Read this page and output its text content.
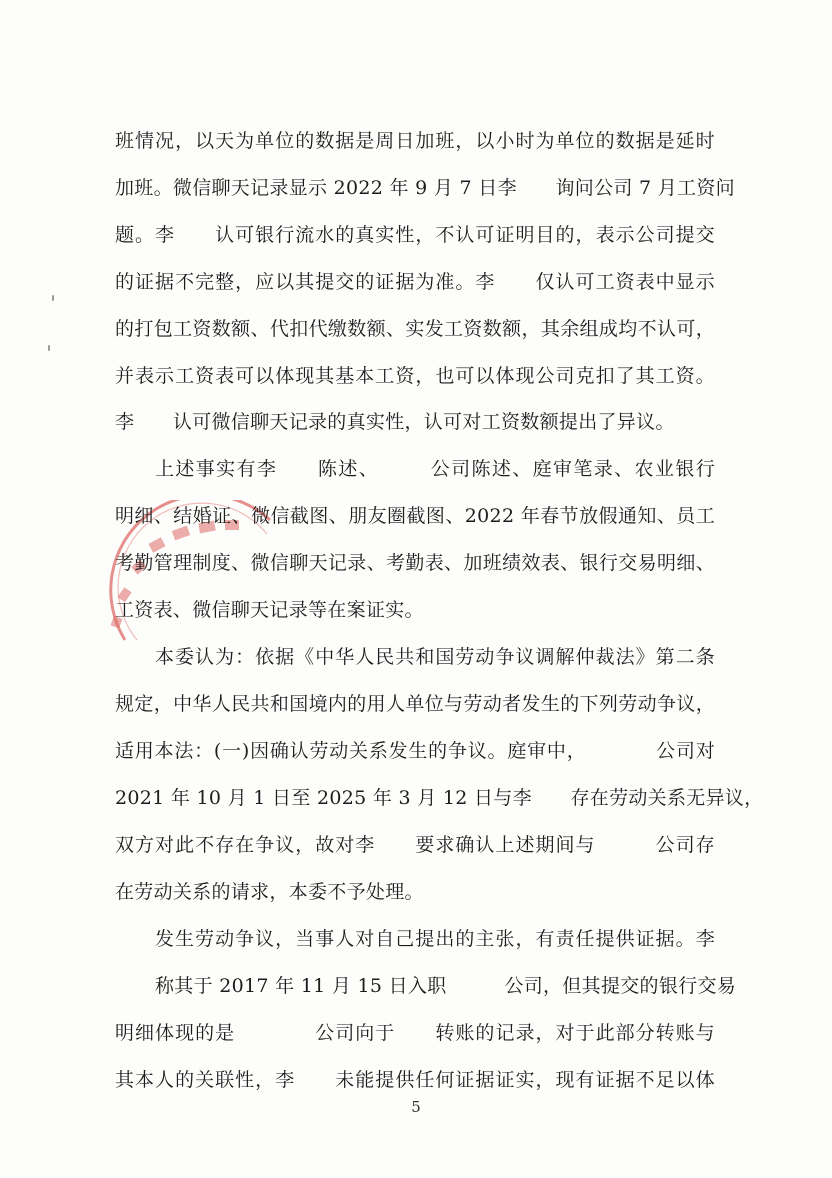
班情况，以天为单位的数据是周日加班，以小时为单位的数据是延时
加班。微信聊天记录显示 2022 年 9 月 7 日李　　询问公司 7 月工资问
题。李　　认可银行流水的真实性，不认可证明目的，表示公司提交
的证据不完整，应以其提交的证据为准。李　　仅认可工资表中显示
的打包工资数额、代扣代缴数额、实发工资数额，其余组成均不认可，
并表示工资表可以体现其基本工资，也可以体现公司克扣了其工资。
李　　认可微信聊天记录的真实性，认可对工资数额提出了异议。
上述事实有李　　陈述、　　　公司陈述、庭审笔录、农业银行
明细、结婚证、微信截图、朋友圈截图、2022 年春节放假通知、员工
考勤管理制度、微信聊天记录、考勤表、加班绩效表、银行交易明细、
工资表、微信聊天记录等在案证实。
本委认为：依据《中华人民共和国劳动争议调解仲裁法》第二条
规定，中华人民共和国境内的用人单位与劳动者发生的下列劳动争议，
适用本法：(一)因确认劳动关系发生的争议。庭审中，　　　　公司对
2021 年 10 月 1 日至 2025 年 3 月 12 日与李　　存在劳动关系无异议，
双方对此不存在争议，故对李　　要求确认上述期间与　　　公司存
在劳动关系的请求，本委不予处理。
发生劳动争议，当事人对自己提出的主张，有责任提供证据。李
称其于 2017 年 11 月 15 日入职　　　公司，但其提交的银行交易
明细体现的是　　　　公司向于　　转账的记录，对于此部分转账与
其本人的关联性，李　　未能提供任何证据证实，现有证据不足以体
5
